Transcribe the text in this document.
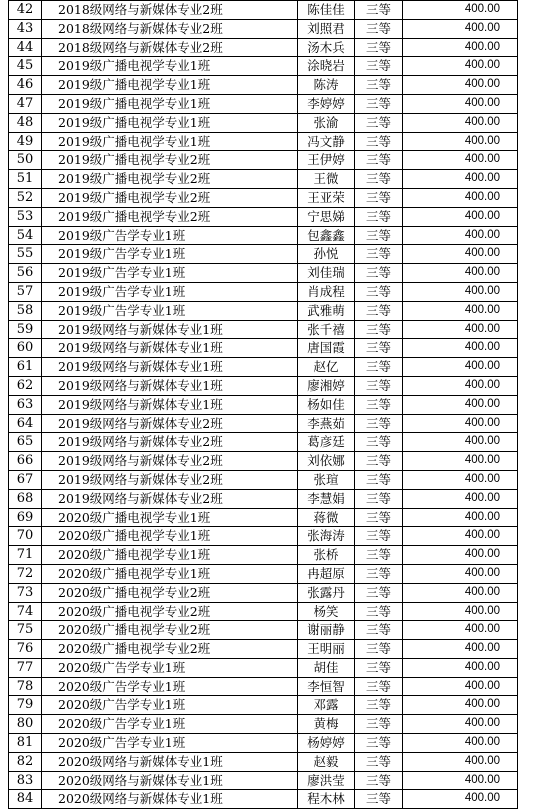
42	2018级网络与新媒体专业2班	陈佳佳	三等	400.00
43	2018级网络与新媒体专业2班	刘照君	三等	400.00
44	2018级网络与新媒体专业2班	汤木兵	三等	400.00
45	2019级广播电视学专业1班	涂晓岩	三等	400.00
46	2019级广播电视学专业1班	陈涛	三等	400.00
47	2019级广播电视学专业1班	李婷婷	三等	400.00
48	2019级广播电视学专业1班	张渝	三等	400.00
49	2019级广播电视学专业1班	冯文静	三等	400.00
50	2019级广播电视学专业2班	王伊婷	三等	400.00
51	2019级广播电视学专业2班	王微	三等	400.00
52	2019级广播电视学专业2班	王亚荣	三等	400.00
53	2019级广播电视学专业2班	宁思娣	三等	400.00
54	2019级广告学专业1班	包鑫鑫	三等	400.00
55	2019级广告学专业1班	孙悦	三等	400.00
56	2019级广告学专业1班	刘佳瑞	三等	400.00
57	2019级广告学专业1班	肖成程	三等	400.00
58	2019级广告学专业1班	武雅萌	三等	400.00
59	2019级网络与新媒体专业1班	张千禧	三等	400.00
60	2019级网络与新媒体专业1班	唐国霞	三等	400.00
61	2019级网络与新媒体专业1班	赵亿	三等	400.00
62	2019级网络与新媒体专业1班	廖湘婷	三等	400.00
63	2019级网络与新媒体专业1班	杨如佳	三等	400.00
64	2019级网络与新媒体专业2班	李燕茹	三等	400.00
65	2019级网络与新媒体专业2班	葛彦廷	三等	400.00
66	2019级网络与新媒体专业2班	刘依娜	三等	400.00
67	2019级网络与新媒体专业2班	张瑄	三等	400.00
68	2019级网络与新媒体专业2班	李慧娟	三等	400.00
69	2020级广播电视学专业1班	蒋微	三等	400.00
70	2020级广播电视学专业1班	张海涛	三等	400.00
71	2020级广播电视学专业1班	张桥	三等	400.00
72	2020级广播电视学专业1班	冉超原	三等	400.00
73	2020级广播电视学专业2班	张露丹	三等	400.00
74	2020级广播电视学专业2班	杨笑	三等	400.00
75	2020级广播电视学专业2班	谢丽静	三等	400.00
76	2020级广播电视学专业2班	王明丽	三等	400.00
77	2020级广告学专业1班	胡佳	三等	400.00
78	2020级广告学专业1班	李恒智	三等	400.00
79	2020级广告学专业1班	邓露	三等	400.00
80	2020级广告学专业1班	黄梅	三等	400.00
81	2020级广告学专业1班	杨婷婷	三等	400.00
82	2020级网络与新媒体专业1班	赵毅	三等	400.00
83	2020级网络与新媒体专业1班	廖洪莹	三等	400.00
84	2020级网络与新媒体专业1班	程木林	三等	400.00
